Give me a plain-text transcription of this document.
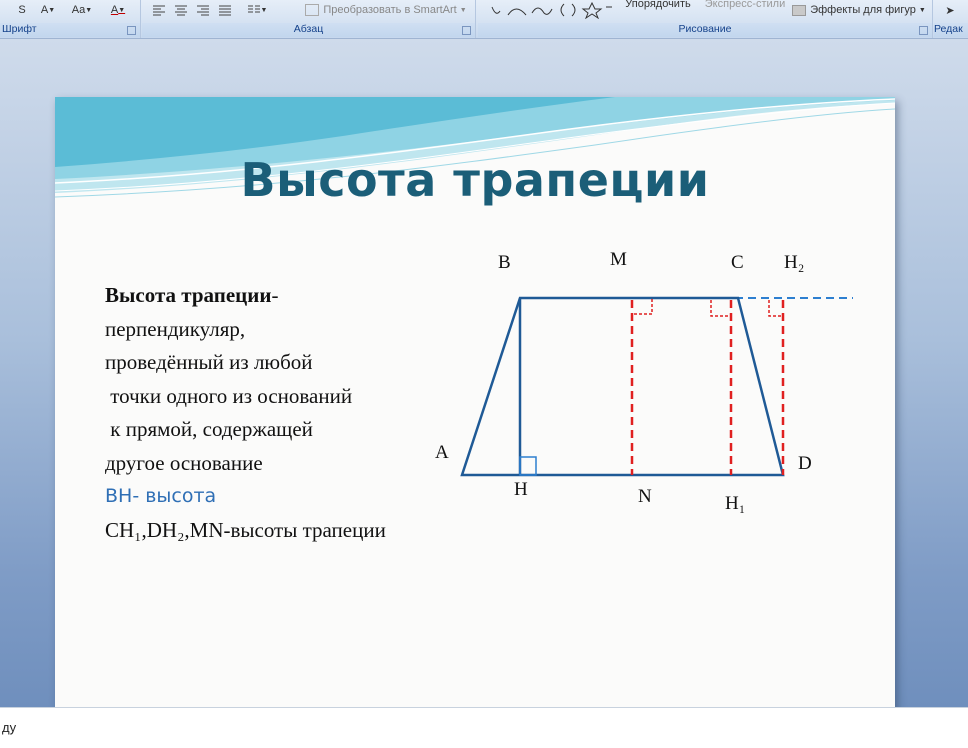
S A ▼ Aa ▼ A ▼
Шрифт
▼	Преобразовать в SmartArt ▼
Абзац
Упорядочить Экспресс-стили Эффекты для фигур ▼
Рисование
➤
Редак
Высота трапеции
Высота трапеции-
перпендикуляр,
проведённый из любой
точки одного из оснований
к прямой, содержащей
другое основание
BH- высота
CH₁,DH₂,MN-высоты трапеции
B	M	C H₂
A
H	N	H₁
D
ду
